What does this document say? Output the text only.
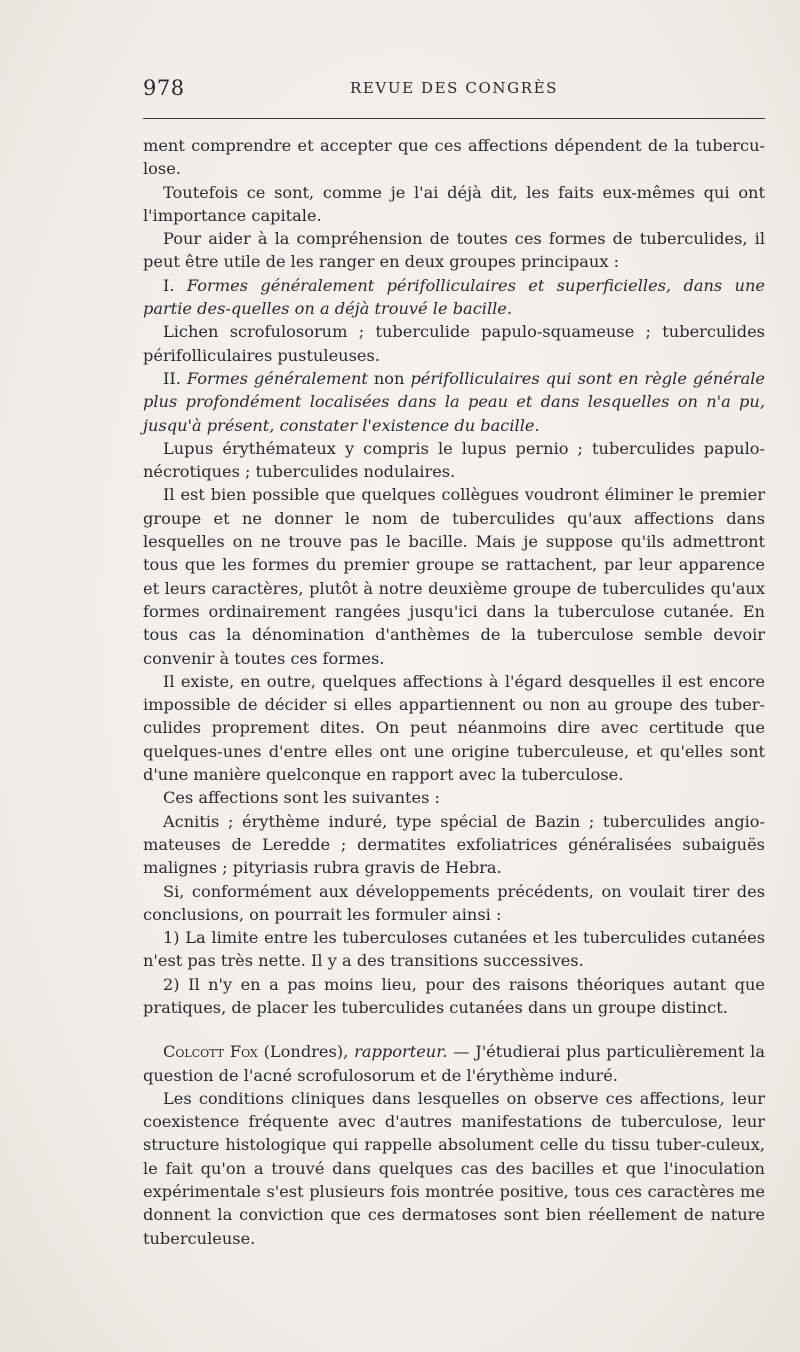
978	REVUE DES CONGRÈS

ment comprendre et accepter que ces affections dépendent de la tubercu-lose.

Toutefois ce sont, comme je l'ai déjà dit, les faits eux-mêmes qui ont l'importance capitale.

Pour aider à la compréhension de toutes ces formes de tuberculides, il peut être utile de les ranger en deux groupes principaux :

I. Formes généralement périfolliculaires et superficielles, dans une partie des-quelles on a déjà trouvé le bacille.

Lichen scrofulosorum ; tuberculide papulo-squameuse ; tuberculides périfolliculaires pustuleuses.

II. Formes généralement non périfolliculaires qui sont en règle générale plus profondément localisées dans la peau et dans lesquelles on n'a pu, jusqu'à présent, constater l'existence du bacille.

Lupus érythémateux y compris le lupus pernio ; tuberculides papulo-nécrotiques ; tuberculides nodulaires.

Il est bien possible que quelques collègues voudront éliminer le premier groupe et ne donner le nom de tuberculides qu'aux affections dans lesquelles on ne trouve pas le bacille. Mais je suppose qu'ils admettront tous que les formes du premier groupe se rattachent, par leur apparence et leurs caractères, plutôt à notre deuxième groupe de tuberculides qu'aux formes ordinairement rangées jusqu'ici dans la tuberculose cutanée. En tous cas la dénomination d'anthèmes de la tuberculose semble devoir convenir à toutes ces formes.

Il existe, en outre, quelques affections à l'égard desquelles il est encore impossible de décider si elles appartiennent ou non au groupe des tuber-culides proprement dites. On peut néanmoins dire avec certitude que quelques-unes d'entre elles ont une origine tuberculeuse, et qu'elles sont d'une manière quelconque en rapport avec la tuberculose.

Ces affections sont les suivantes :

Acnitis ; érythème induré, type spécial de Bazin ; tuberculides angio-mateuses de Leredde ; dermatites exfoliatrices généralisées subaiguës malignes ; pityriasis rubra gravis de Hebra.

Si, conformément aux développements précédents, on voulait tirer des conclusions, on pourrait les formuler ainsi :

1) La limite entre les tuberculoses cutanées et les tuberculides cutanées n'est pas très nette. Il y a des transitions successives.

2) Il n'y en a pas moins lieu, pour des raisons théoriques autant que pratiques, de placer les tuberculides cutanées dans un groupe distinct.

Colcott Fox (Londres), rapporteur. — J'étudierai plus particulièrement la question de l'acné scrofulosorum et de l'érythème induré.

Les conditions cliniques dans lesquelles on observe ces affections, leur coexistence fréquente avec d'autres manifestations de tuberculose, leur structure histologique qui rappelle absolument celle du tissu tuber-culeux, le fait qu'on a trouvé dans quelques cas des bacilles et que l'inoculation expérimentale s'est plusieurs fois montrée positive, tous ces caractères me donnent la conviction que ces dermatoses sont bien réellement de nature tuberculeuse.
